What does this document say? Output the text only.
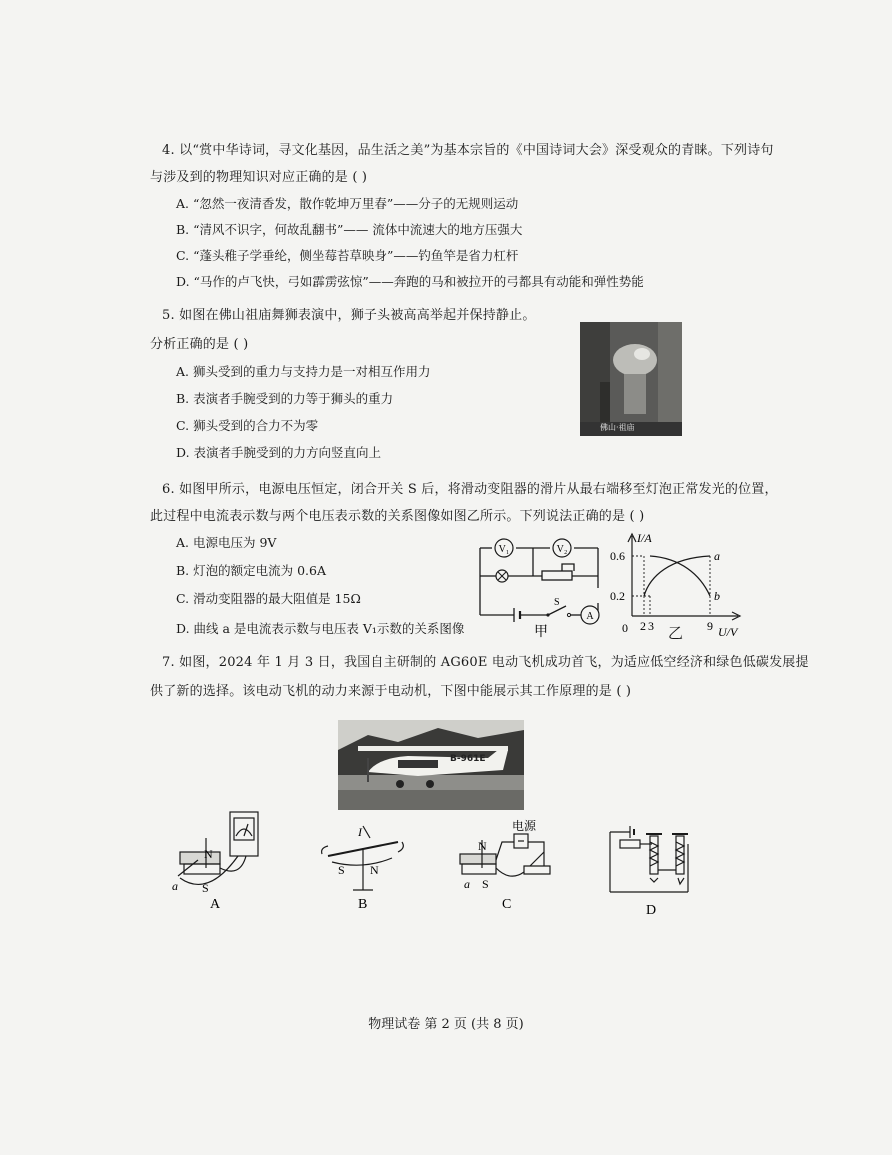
4. 以“赏中华诗词，寻文化基因，品生活之美”为基本宗旨的《中国诗词大会》深受观众的青睐。下列诗句
与涉及到的物理知识对应正确的是 ( )
A. “忽然一夜清香发，散作乾坤万里春”——分子的无规则运动
B. “清风不识字，何故乱翻书”—— 流体中流速大的地方压强大
C. “蓬头稚子学垂纶，侧坐莓苔草映身”——钓鱼竿是省力杠杆
D. “马作的卢飞快，弓如霹雳弦惊”——奔跑的马和被拉开的弓都具有动能和弹性势能
5. 如图在佛山祖庙舞狮表演中，狮子头被高高举起并保持静止。
分析正确的是 ( )
A. 狮头受到的重力与支持力是一对相互作用力
B. 表演者手腕受到的力等于狮头的重力
C. 狮头受到的合力不为零
D. 表演者手腕受到的力方向竖直向上
佛山·祖庙
6. 如图甲所示，电源电压恒定，闭合开关 S 后，将滑动变阻器的滑片从最右端移至灯泡正常发光的位置，
此过程中电流表示数与两个电压表示数的关系图像如图乙所示。下列说法正确的是 ( )
A. 电源电压为 9V
B. 灯泡的额定电流为 0.6A
C. 滑动变阻器的最大阻值是 15Ω
D. 曲线 a 是电流表示数与电压表 V₁示数的关系图像
V₁	V₂
A
S
甲
I/A
U/V
0
0.6
0.2
2 3	9
a
b
乙
7. 如图，2024 年 1 月 3 日，我国自主研制的 AG60E 电动飞机成功首飞，为适应低空经济和绿色低碳发展提
供了新的选择。该电动飞机的动力来源于电动机，下图中能展示其工作原理的是 ( )
B-961E
N
S
a
A
I
N
S
B
N
S
a
电源
C	D
物理试卷 第 2 页 (共 8 页)
